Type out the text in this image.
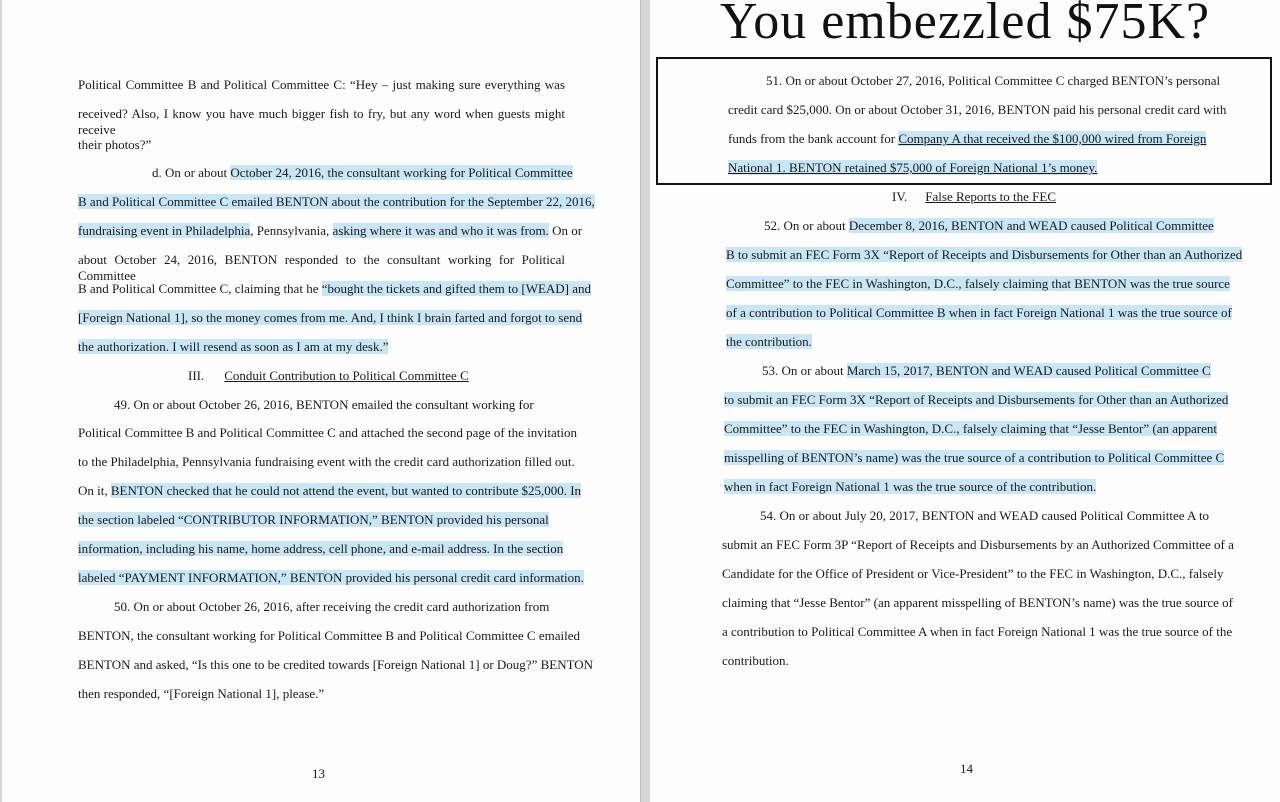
Political Committee B and Political Committee C: “Hey – just making sure everything was
received? Also, I know you have much bigger fish to fry, but any word when guests might receive
their photos?”
d. On or about October 24, 2016, the consultant working for Political Committee
B and Political Committee C emailed BENTON about the contribution for the September 22, 2016,
fundraising event in Philadelphia, Pennsylvania, asking where it was and who it was from. On or
about October 24, 2016, BENTON responded to the consultant working for Political Committee
B and Political Committee C, claiming that he “bought the tickets and gifted them to [WEAD] and
[Foreign National 1], so the money comes from me. And, I think I brain farted and forgot to send
the authorization. I will resend as soon as I am at my desk.”
III. Conduit Contribution to Political Committee C
49. On or about October 26, 2016, BENTON emailed the consultant working for
Political Committee B and Political Committee C and attached the second page of the invitation
to the Philadelphia, Pennsylvania fundraising event with the credit card authorization filled out.
On it, BENTON checked that he could not attend the event, but wanted to contribute $25,000. In
the section labeled “CONTRIBUTOR INFORMATION,” BENTON provided his personal
information, including his name, home address, cell phone, and e-mail address. In the section
labeled “PAYMENT INFORMATION,” BENTON provided his personal credit card information.
50. On or about October 26, 2016, after receiving the credit card authorization from
BENTON, the consultant working for Political Committee B and Political Committee C emailed
BENTON and asked, “Is this one to be credited towards [Foreign National 1] or Doug?” BENTON
then responded, “[Foreign National 1], please.”
13
You embezzled $75K?
51. On or about October 27, 2016, Political Committee C charged BENTON’s personal
credit card $25,000. On or about October 31, 2016, BENTON paid his personal credit card with
funds from the bank account for Company A that received the $100,000 wired from Foreign
National 1. BENTON retained $75,000 of Foreign National 1’s money.
IV. False Reports to the FEC
52. On or about December 8, 2016, BENTON and WEAD caused Political Committee
B to submit an FEC Form 3X “Report of Receipts and Disbursements for Other than an Authorized
Committee” to the FEC in Washington, D.C., falsely claiming that BENTON was the true source
of a contribution to Political Committee B when in fact Foreign National 1 was the true source of
the contribution.
53. On or about March 15, 2017, BENTON and WEAD caused Political Committee C
to submit an FEC Form 3X “Report of Receipts and Disbursements for Other than an Authorized
Committee” to the FEC in Washington, D.C., falsely claiming that “Jesse Bentor” (an apparent
misspelling of BENTON’s name) was the true source of a contribution to Political Committee C
when in fact Foreign National 1 was the true source of the contribution.
54. On or about July 20, 2017, BENTON and WEAD caused Political Committee A to
submit an FEC Form 3P “Report of Receipts and Disbursements by an Authorized Committee of a
Candidate for the Office of President or Vice-President” to the FEC in Washington, D.C., falsely
claiming that “Jesse Bentor” (an apparent misspelling of BENTON’s name) was the true source of
a contribution to Political Committee A when in fact Foreign National 1 was the true source of the
contribution.
14
